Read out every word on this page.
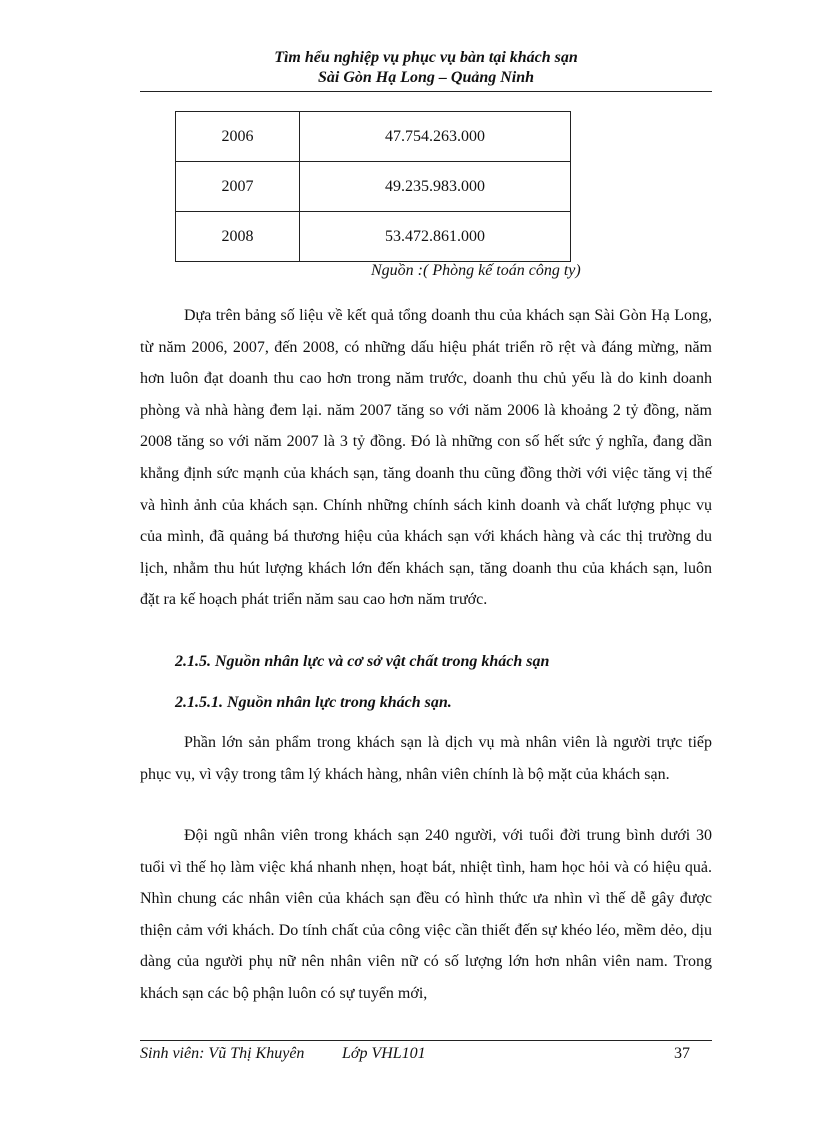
Tìm hểu nghiệp vụ phục vụ bàn tại khách sạn
Sài Gòn Hạ Long – Quảng Ninh
2006	47.754.263.000
2007	49.235.983.000
2008	53.472.861.000
Nguồn :( Phòng kế toán công ty)

Dựa trên bảng số liệu về kết quả tổng doanh thu của khách sạn Sài Gòn Hạ Long, từ năm 2006, 2007, đến 2008, có những dấu hiệu phát triển rõ rệt và đáng mừng, năm hơn luôn đạt doanh thu cao hơn trong năm trước, doanh thu chủ yếu là do kinh doanh phòng và nhà hàng đem lại. năm 2007 tăng so với năm 2006 là khoảng 2 tỷ đồng, năm 2008 tăng so với năm 2007 là 3 tỷ đồng. Đó là những con số hết sức ý nghĩa, đang dần khẳng định sức mạnh của khách sạn, tăng doanh thu cũng đồng thời với việc tăng vị thế và hình ảnh của khách sạn. Chính những chính sách kinh doanh và chất lượng phục vụ của mình, đã quảng bá thương hiệu của khách sạn với khách hàng và các thị trường du lịch, nhằm thu hút lượng khách lớn đến khách sạn, tăng doanh thu của khách sạn, luôn đặt ra kế hoạch phát triển năm sau cao hơn năm trước.

2.1.5. Nguồn nhân lực và cơ sở vật chất trong khách sạn
2.1.5.1. Nguồn nhân lực trong khách sạn.

Phần lớn sản phẩm trong khách sạn là dịch vụ mà nhân viên là người trực tiếp phục vụ, vì vậy trong tâm lý khách hàng, nhân viên chính là bộ mặt của khách sạn.

Đội ngũ nhân viên trong khách sạn 240 người, với tuổi đời trung bình dưới 30 tuổi vì thế họ làm việc khá nhanh nhẹn, hoạt bát, nhiệt tình, ham học hỏi và có hiệu quả. Nhìn chung các nhân viên của khách sạn đều có hình thức ưa nhìn vì thế dễ gây được thiện cảm với khách. Do tính chất của công việc cần thiết đến sự khéo léo, mềm dẻo, dịu dàng của người phụ nữ nên nhân viên nữ có số lượng lớn hơn nhân viên nam. Trong khách sạn các bộ phận luôn có sự tuyển mới,

Sinh viên: Vũ Thị Khuyên Lớp VHL101	37
